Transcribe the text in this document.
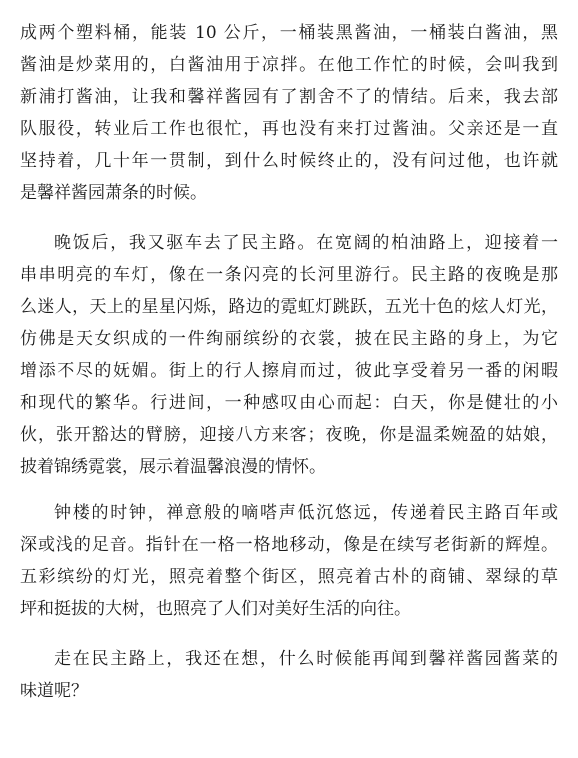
成两个塑料桶，能装 10 公斤，一桶装黑酱油，一桶装白酱油，黑
酱油是炒菜用的，白酱油用于凉拌。在他工作忙的时候，会叫我到
新浦打酱油，让我和馨祥酱园有了割舍不了的情结。后来，我去部
队服役，转业后工作也很忙，再也没有来打过酱油。父亲还是一直
坚持着，几十年一贯制，到什么时候终止的，没有问过他，也许就
是馨祥酱园萧条的时候。
晚饭后，我又驱车去了民主路。在宽阔的柏油路上，迎接着一
串串明亮的车灯，像在一条闪亮的长河里游行。民主路的夜晚是那
么迷人，天上的星星闪烁，路边的霓虹灯跳跃，五光十色的炫人灯光，
仿佛是天女织成的一件绚丽缤纷的衣裳，披在民主路的身上，为它
增添不尽的妩媚。街上的行人擦肩而过，彼此享受着另一番的闲暇
和现代的繁华。行进间，一种感叹由心而起：白天，你是健壮的小
伙，张开豁达的臂膀，迎接八方来客；夜晚，你是温柔婉盈的姑娘，
披着锦绣霓裳，展示着温馨浪漫的情怀。
钟楼的时钟，禅意般的嘀嗒声低沉悠远，传递着民主路百年或
深或浅的足音。指针在一格一格地移动，像是在续写老街新的辉煌。
五彩缤纷的灯光，照亮着整个街区，照亮着古朴的商铺、翠绿的草
坪和挺拔的大树，也照亮了人们对美好生活的向往。
走在民主路上，我还在想，什么时候能再闻到馨祥酱园酱菜的
味道呢？
